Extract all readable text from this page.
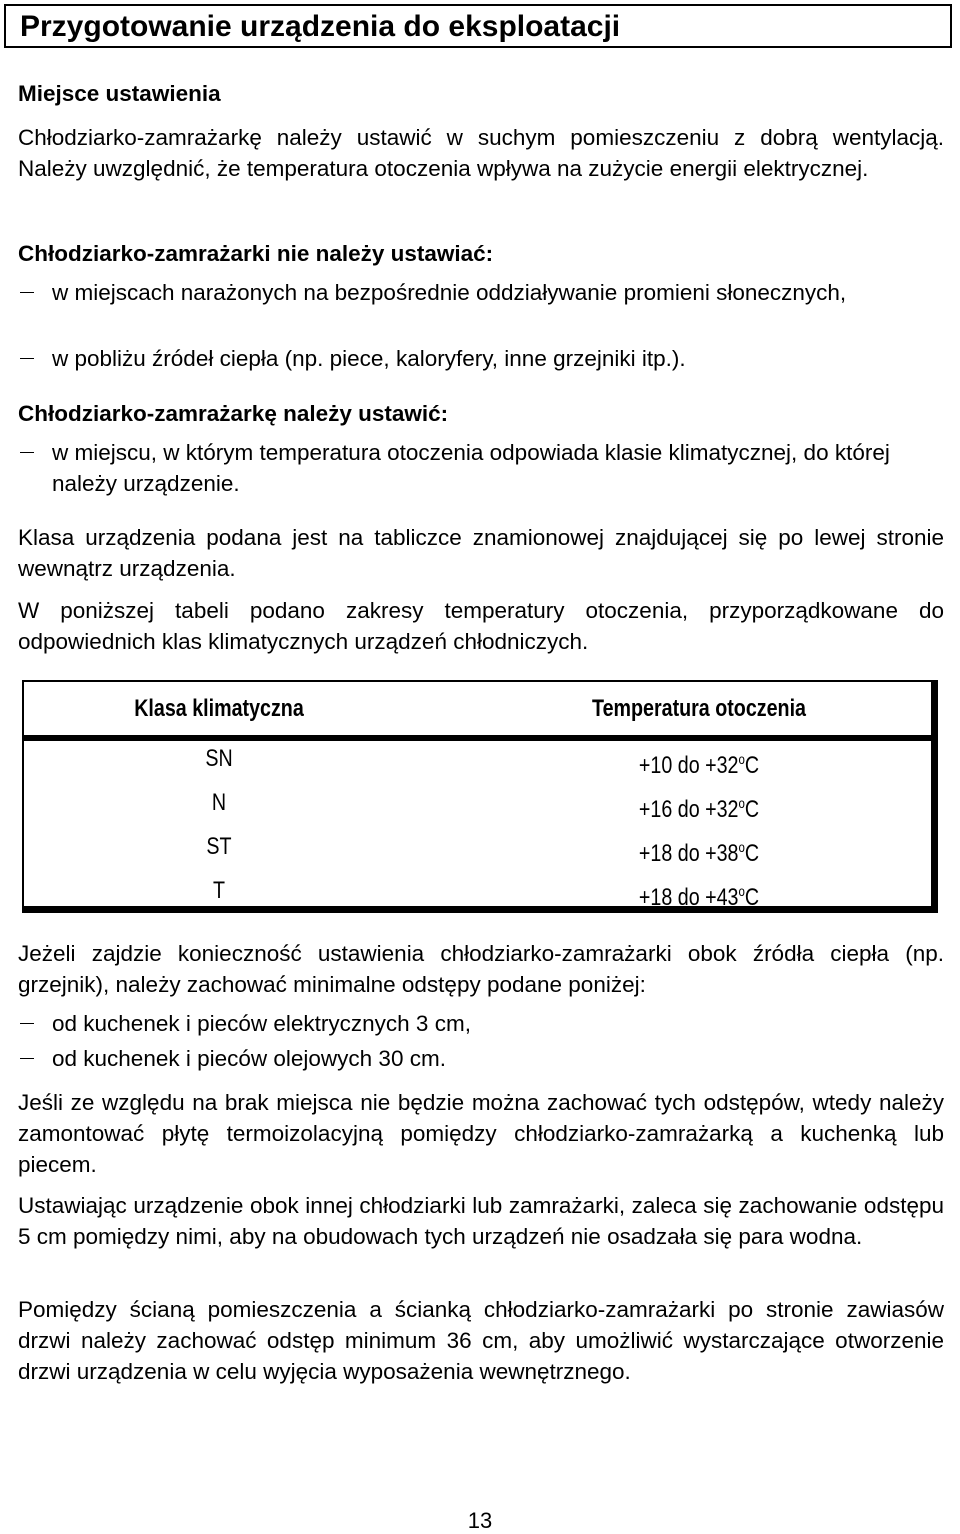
Przygotowanie urządzenia do eksploatacji

Miejsce ustawienia

Chłodziarko-zamrażarkę należy ustawić w suchym pomieszczeniu z dobrą wentylacją. Należy uwzględnić, że temperatura otoczenia wpływa na zużycie energii elektrycznej.

Chłodziarko-zamrażarki nie należy ustawiać:

w miejscach narażonych na bezpośrednie oddziaływanie promieni słonecznych,
w pobliżu źródeł ciepła (np. piece, kaloryfery, inne grzejniki itp.).

Chłodziarko-zamrażarkę należy ustawić:

w miejscu, w którym temperatura otoczenia odpowiada klasie klimatycznej, do której należy urządzenie.

Klasa urządzenia podana jest na tabliczce znamionowej znajdującej się po lewej stronie wewnątrz urządzenia.

W poniższej tabeli podano zakresy temperatury otoczenia, przyporządkowane do odpowiednich klas klimatycznych urządzeń chłodniczych.

Klasa klimatyczna	Temperatura otoczenia
SN	+10 do $+32^oC$
N	+16 do $+32^oC$
ST	+18 do $+38^oC$
T	+18 do $+43^oC$

Jeżeli zajdzie konieczność ustawienia chłodziarko-zamrażarki obok źródła ciepła (np. grzejnik), należy zachować minimalne odstępy podane poniżej:

od kuchenek i pieców elektrycznych 3 cm,
od kuchenek i pieców olejowych 30 cm.

Jeśli ze względu na brak miejsca nie będzie można zachować tych odstępów, wtedy należy zamontować płytę termoizolacyjną pomiędzy chłodziarko-zamrażarką a kuchenką lub piecem.

Ustawiając urządzenie obok innej chłodziarki lub zamrażarki, zaleca się zachowanie odstępu 5 cm pomiędzy nimi, aby na obudowach tych urządzeń nie osadzała się para wodna.

Pomiędzy ścianą pomieszczenia a ścianką chłodziarko-zamrażarki po stronie zawiasów drzwi należy zachować odstęp minimum 36 cm, aby umożliwić wystarczające otworzenie drzwi urządzenia w celu wyjęcia wyposażenia wewnętrznego.

13
